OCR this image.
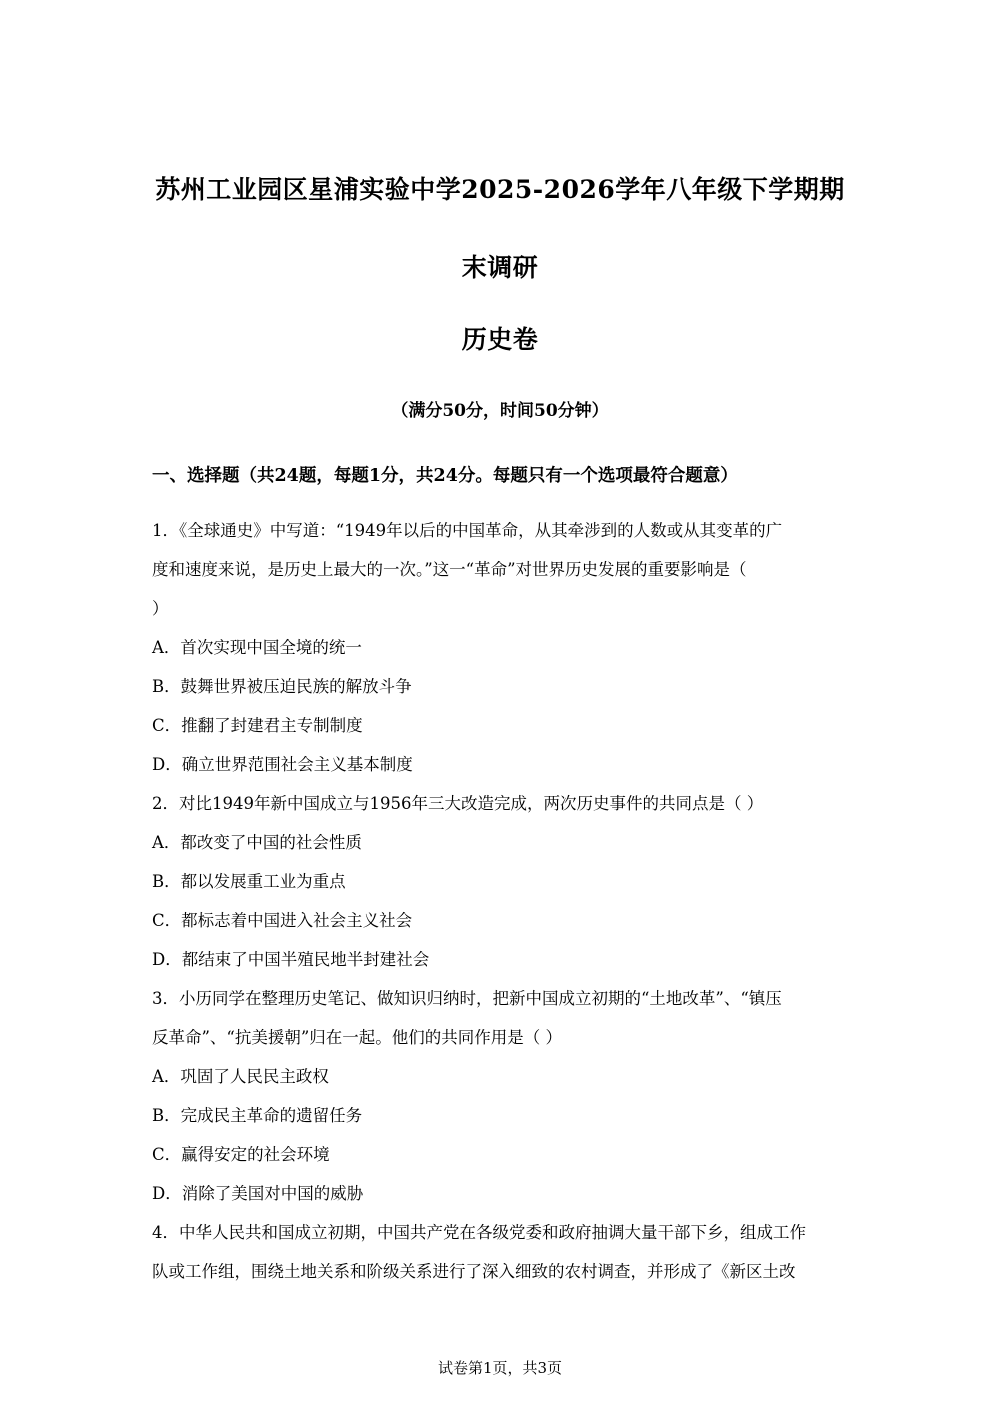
苏州工业园区星浦实验中学2025-2026学年八年级下学期期
末调研
历史卷
（满分50分，时间50分钟）
一、选择题（共24题，每题1分，共24分。每题只有一个选项最符合题意）
1．《全球通史》中写道：“1949年以后的中国革命，从其牵涉到的人数或从其变革的广
度和速度来说，是历史上最大的一次。”这一“革命”对世界历史发展的重要影响是（
）
A．首次实现中国全境的统一
B．鼓舞世界被压迫民族的解放斗争
C．推翻了封建君主专制制度
D．确立世界范围社会主义基本制度
2．对比1949年新中国成立与1956年三大改造完成，两次历史事件的共同点是（ ）
A．都改变了中国的社会性质
B．都以发展重工业为重点
C．都标志着中国进入社会主义社会
D．都结束了中国半殖民地半封建社会
3．小历同学在整理历史笔记、做知识归纳时，把新中国成立初期的“土地改革”、“镇压
反革命”、“抗美援朝”归在一起。他们的共同作用是（ ）
A．巩固了人民民主政权
B．完成民主革命的遗留任务
C．赢得安定的社会环境
D．消除了美国对中国的威胁
4．中华人民共和国成立初期，中国共产党在各级党委和政府抽调大量干部下乡，组成工作
队或工作组，围绕土地关系和阶级关系进行了深入细致的农村调查，并形成了《新区土改
试卷第1页，共3页
